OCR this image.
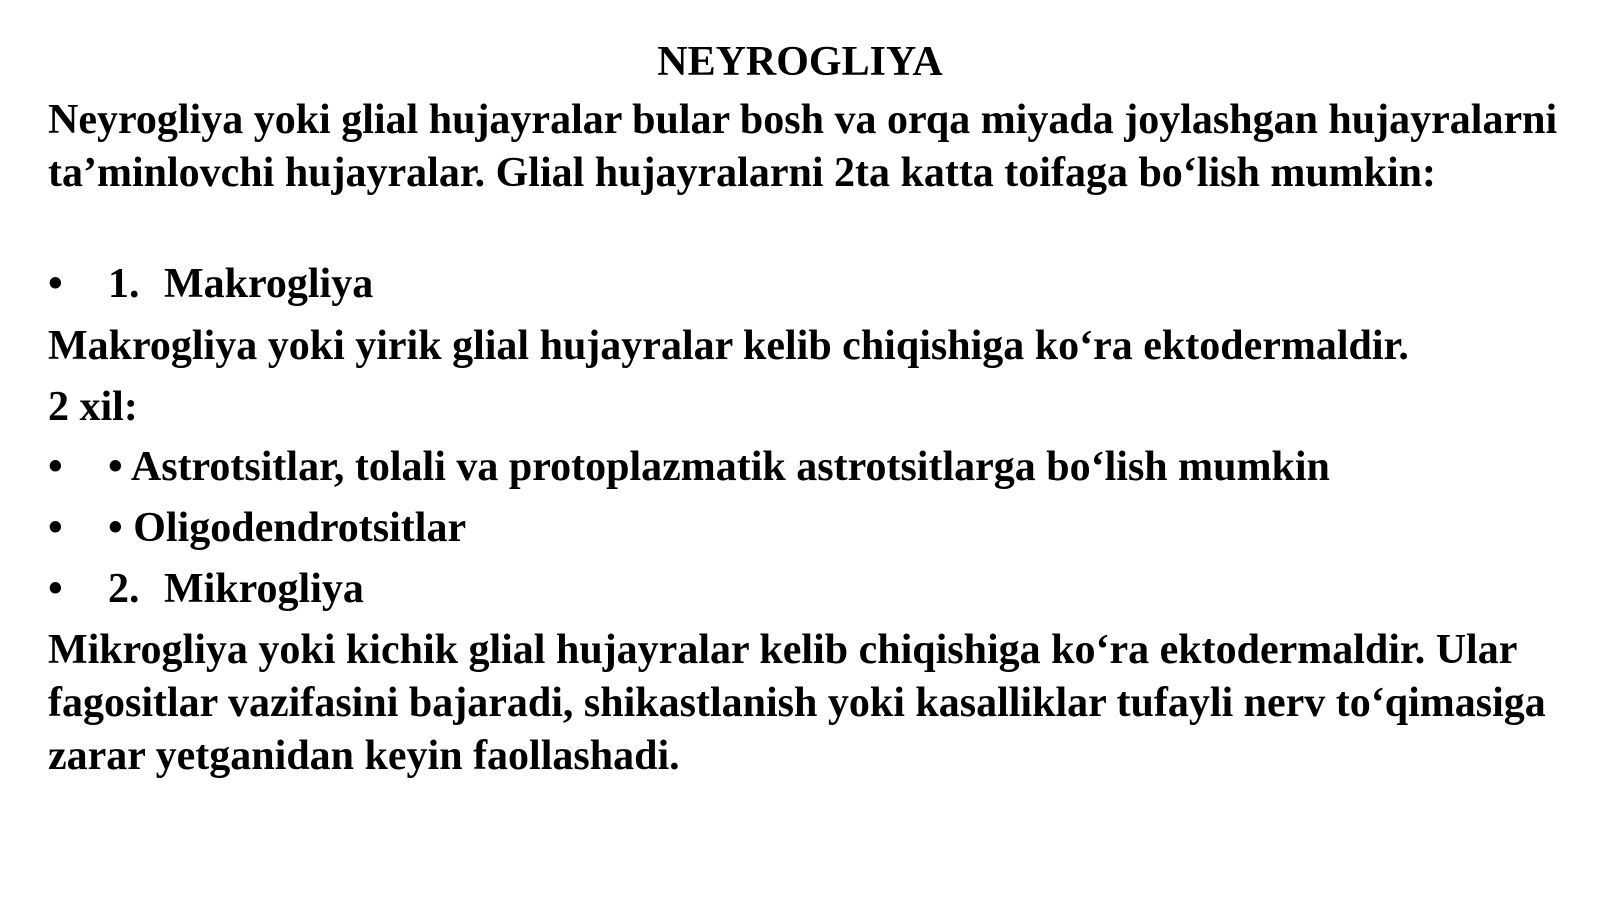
NEYROGLIYA
Neyrogliya yoki glial hujayralar bular bosh va orqa miyada joylashgan hujayralarni ta’minlovchi hujayralar. Glial hujayralarni 2ta katta toifaga bo‘lish mumkin:
• 1. Makrogliya
Makrogliya yoki yirik glial hujayralar kelib chiqishiga ko‘ra ektodermaldir.
2 xil:
• • Astrotsitlar, tolali va protoplazmatik astrotsitlarga bo‘lish mumkin
• • Oligodendrotsitlar
• 2. Mikrogliya
Mikrogliya yoki kichik glial hujayralar kelib chiqishiga ko‘ra ektodermaldir. Ular fagositlar vazifasini bajaradi, shikastlanish yoki kasalliklar tufayli nerv to‘qimasiga zarar yetganidan keyin faollashadi.
